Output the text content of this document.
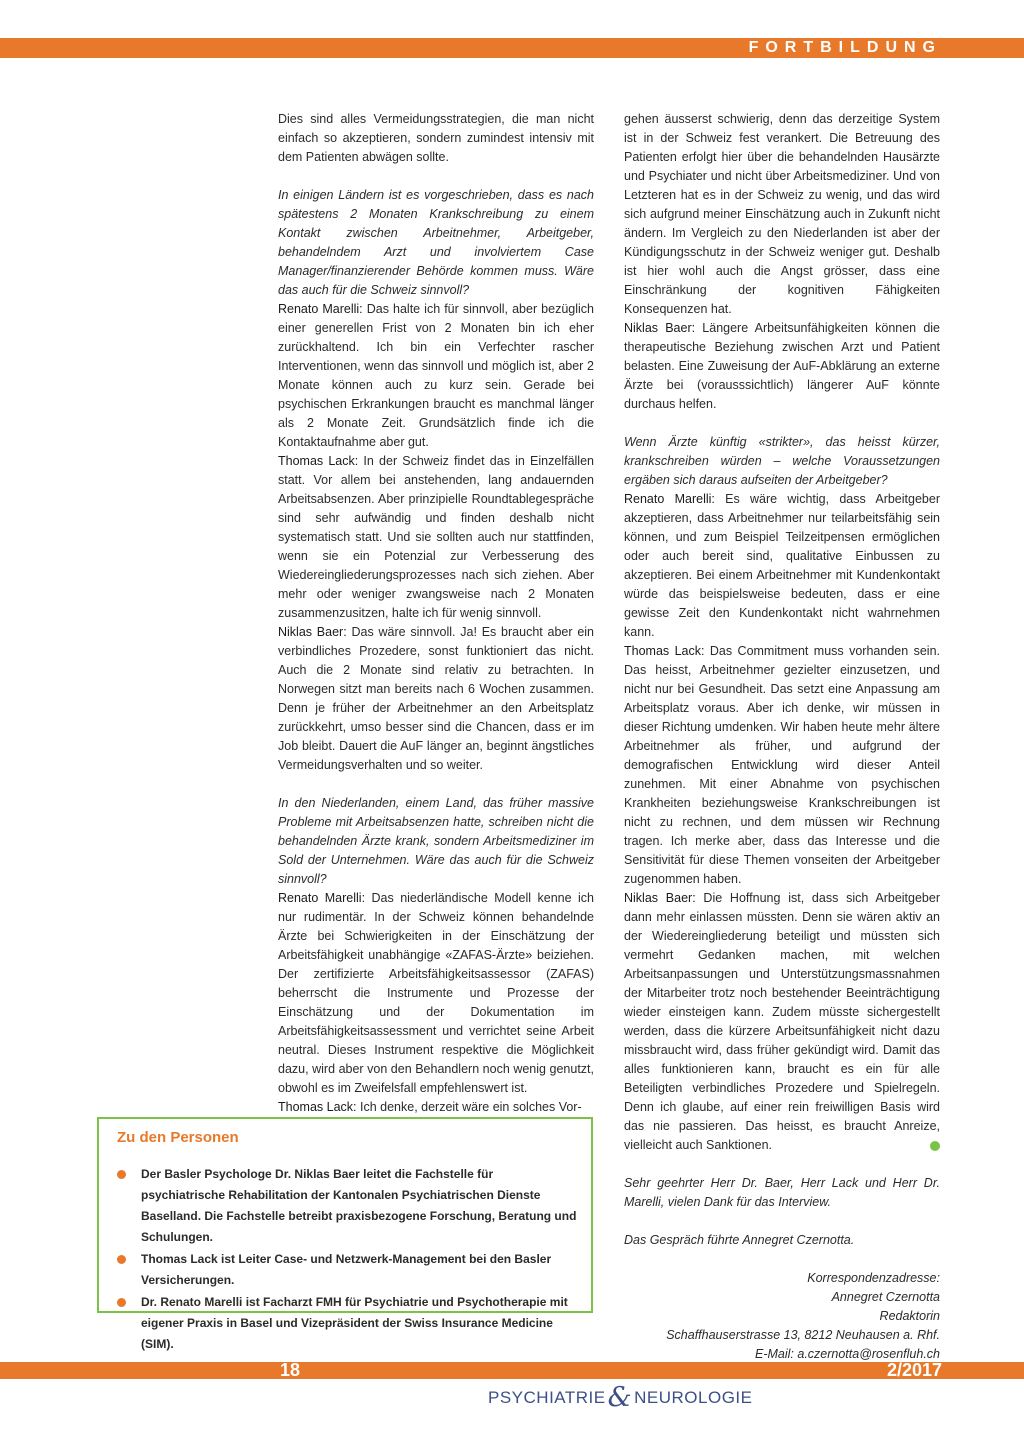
FORTBILDUNG

Dies sind alles Vermeidungsstrategien, die man nicht einfach so akzeptieren, sondern zumindest intensiv mit dem Patienten abwägen sollte.

In einigen Ländern ist es vorgeschrieben, dass es nach spätestens 2 Monaten Krankschreibung zu einem Kontakt zwischen Arbeitnehmer, Arbeitgeber, behandelndem Arzt und involviertem Case Manager/finanzierender Behörde kommen muss. Wäre das auch für die Schweiz sinnvoll?

Renato Marelli: Das halte ich für sinnvoll, aber bezüglich einer generellen Frist von 2 Monaten bin ich eher zurückhaltend. Ich bin ein Verfechter rascher Interventionen, wenn das sinnvoll und möglich ist, aber 2 Monate können auch zu kurz sein. Gerade bei psychischen Erkrankungen braucht es manchmal länger als 2 Monate Zeit. Grundsätzlich finde ich die Kontaktaufnahme aber gut.

Thomas Lack: In der Schweiz findet das in Einzelfällen statt. Vor allem bei anstehenden, lang andauernden Arbeitsabsenzen. Aber prinzipielle Roundtablegespräche sind sehr aufwändig und finden deshalb nicht systematisch statt. Und sie sollten auch nur stattfinden, wenn sie ein Potenzial zur Verbesserung des Wiedereingliederungsprozesses nach sich ziehen. Aber mehr oder weniger zwangsweise nach 2 Monaten zusammenzusitzen, halte ich für wenig sinnvoll.

Niklas Baer: Das wäre sinnvoll. Ja! Es braucht aber ein verbindliches Prozedere, sonst funktioniert das nicht. Auch die 2 Monate sind relativ zu betrachten. In Norwegen sitzt man bereits nach 6 Wochen zusammen. Denn je früher der Arbeitnehmer an den Arbeitsplatz zurückkehrt, umso besser sind die Chancen, dass er im Job bleibt. Dauert die AuF länger an, beginnt ängstliches Vermeidungsverhalten und so weiter.

In den Niederlanden, einem Land, das früher massive Probleme mit Arbeitsabsenzen hatte, schreiben nicht die behandelnden Ärzte krank, sondern Arbeitsmediziner im Sold der Unternehmen. Wäre das auch für die Schweiz sinnvoll?

Renato Marelli: Das niederländische Modell kenne ich nur rudimentär. In der Schweiz können behandelnde Ärzte bei Schwierigkeiten in der Einschätzung der Arbeitsfähigkeit unabhängige «ZAFAS-Ärzte» beiziehen. Der zertifizierte Arbeitsfähigkeitsassessor (ZAFAS) beherrscht die Instrumente und Prozesse der Einschätzung und der Dokumentation im Arbeitsfähigkeitsassessment und verrichtet seine Arbeit neutral. Dieses Instrument respektive die Möglichkeit dazu, wird aber von den Behandlern noch wenig genutzt, obwohl es im Zweifelsfall empfehlenswert ist.

Thomas Lack: Ich denke, derzeit wäre ein solches Vor-

gehen äusserst schwierig, denn das derzeitige System ist in der Schweiz fest verankert. Die Betreuung des Patienten erfolgt hier über die behandelnden Hausärzte und Psychiater und nicht über Arbeitsmediziner. Und von Letzteren hat es in der Schweiz zu wenig, und das wird sich aufgrund meiner Einschätzung auch in Zukunft nicht ändern. Im Vergleich zu den Niederlanden ist aber der Kündigungsschutz in der Schweiz weniger gut. Deshalb ist hier wohl auch die Angst grösser, dass eine Einschränkung der kognitiven Fähigkeiten Konsequenzen hat.

Niklas Baer: Längere Arbeitsunfähigkeiten können die therapeutische Beziehung zwischen Arzt und Patient belasten. Eine Zuweisung der AuF-Abklärung an externe Ärzte bei (vorausssichtlich) längerer AuF könnte durchaus helfen.

Wenn Ärzte künftig «strikter», das heisst kürzer, krankschreiben würden – welche Voraussetzungen ergäben sich daraus aufseiten der Arbeitgeber?

Renato Marelli: Es wäre wichtig, dass Arbeitgeber akzeptieren, dass Arbeitnehmer nur teilarbeitsfähig sein können, und zum Beispiel Teilzeitpensen ermöglichen oder auch bereit sind, qualitative Einbussen zu akzeptieren. Bei einem Arbeitnehmer mit Kundenkontakt würde das beispielsweise bedeuten, dass er eine gewisse Zeit den Kundenkontakt nicht wahrnehmen kann.

Thomas Lack: Das Commitment muss vorhanden sein. Das heisst, Arbeitnehmer gezielter einzusetzen, und nicht nur bei Gesundheit. Das setzt eine Anpassung am Arbeitsplatz voraus. Aber ich denke, wir müssen in dieser Richtung umdenken. Wir haben heute mehr ältere Arbeitnehmer als früher, und aufgrund der demografischen Entwicklung wird dieser Anteil zunehmen. Mit einer Abnahme von psychischen Krankheiten beziehungsweise Krankschreibungen ist nicht zu rechnen, und dem müssen wir Rechnung tragen. Ich merke aber, dass das Interesse und die Sensitivität für diese Themen vonseiten der Arbeitgeber zugenommen haben.

Niklas Baer: Die Hoffnung ist, dass sich Arbeitgeber dann mehr einlassen müssten. Denn sie wären aktiv an der Wiedereingliederung beteiligt und müssten sich vermehrt Gedanken machen, mit welchen Arbeitsanpassungen und Unterstützungsmassnahmen der Mitarbeiter trotz noch bestehender Beeinträchtigung wieder einsteigen kann. Zudem müsste sichergestellt werden, dass die kürzere Arbeitsunfähigkeit nicht dazu missbraucht wird, dass früher gekündigt wird. Damit das alles funktionieren kann, braucht es ein für alle Beteiligten verbindliches Prozedere und Spielregeln. Denn ich glaube, auf einer rein freiwilligen Basis wird das nie passieren. Das heisst, es braucht Anreize, vielleicht auch Sanktionen.

Sehr geehrter Herr Dr. Baer, Herr Lack und Herr Dr. Marelli, vielen Dank für das Interview.

Das Gespräch führte Annegret Czernotta.

Korrespondenzadresse:

Annegret Czernotta

Redaktorin

Schaffhauserstrasse 13, 8212 Neuhausen a. Rhf.

E-Mail: a.czernotta@rosenfluh.ch

Zu den Personen
Der Basler Psychologe Dr. Niklas Baer leitet die Fachstelle für psychiatrische Rehabilitation der Kantonalen Psychiatrischen Dienste Baselland. Die Fachstelle betreibt praxisbezogene Forschung, Beratung und Schulungen.
Thomas Lack ist Leiter Case- und Netzwerk-Management bei den Basler Versicherungen.
Dr. Renato Marelli ist Facharzt FMH für Psychiatrie und Psychotherapie mit eigener Praxis in Basel und Vizepräsident der Swiss Insurance Medicine (SIM).
18	2/2017
PSYCHIATRIE& NEUROLOGIE
